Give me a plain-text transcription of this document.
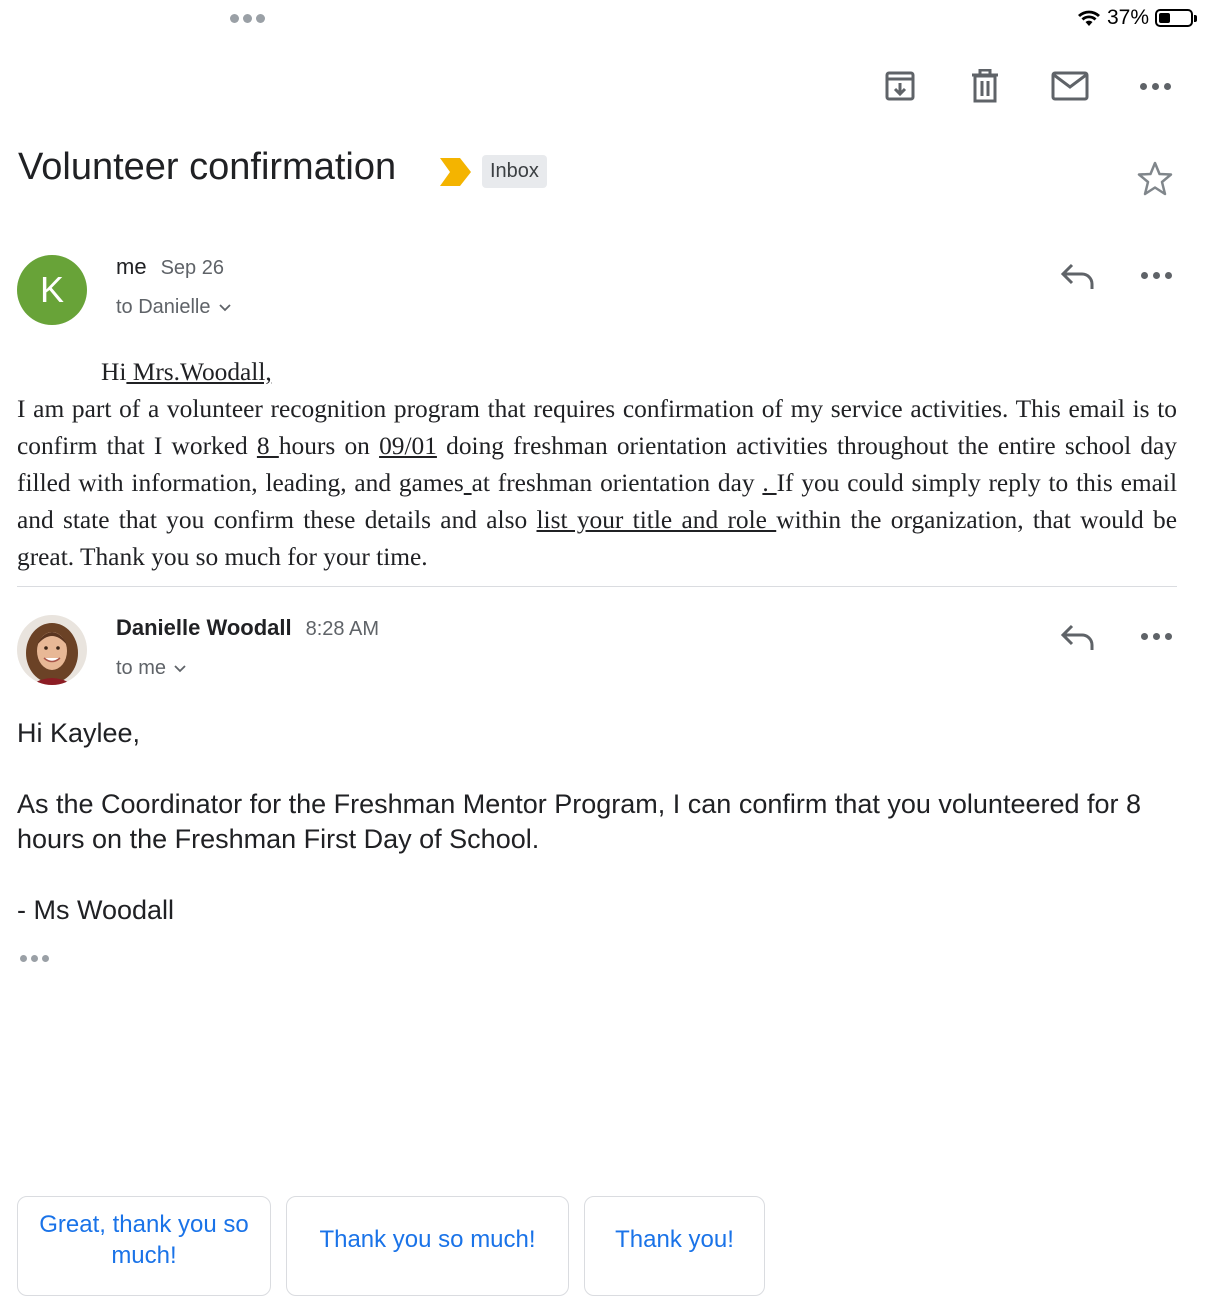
37%
Volunteer confirmation	Inbox
K
me Sep 26
to Danielle
Hi Mrs.Woodall,
I am part of a volunteer recognition program that requires confirmation of my service activities. This email is to confirm that I worked 8 hours on 09/01 doing freshman orientation activities throughout the entire school day filled with information, leading, and games at freshman orientation day . If you could simply reply to this email and state that you confirm these details and also list your title and role within the organization, that would be great. Thank you so much for your time.
Danielle Woodall 8:28 AM
to me
Hi Kaylee,
As the Coordinator for the Freshman Mentor Program, I can confirm that you volunteered for 8 hours on the Freshman First Day of School.
- Ms Woodall
Great, thank you so much!
Thank you so much!	Thank you!
